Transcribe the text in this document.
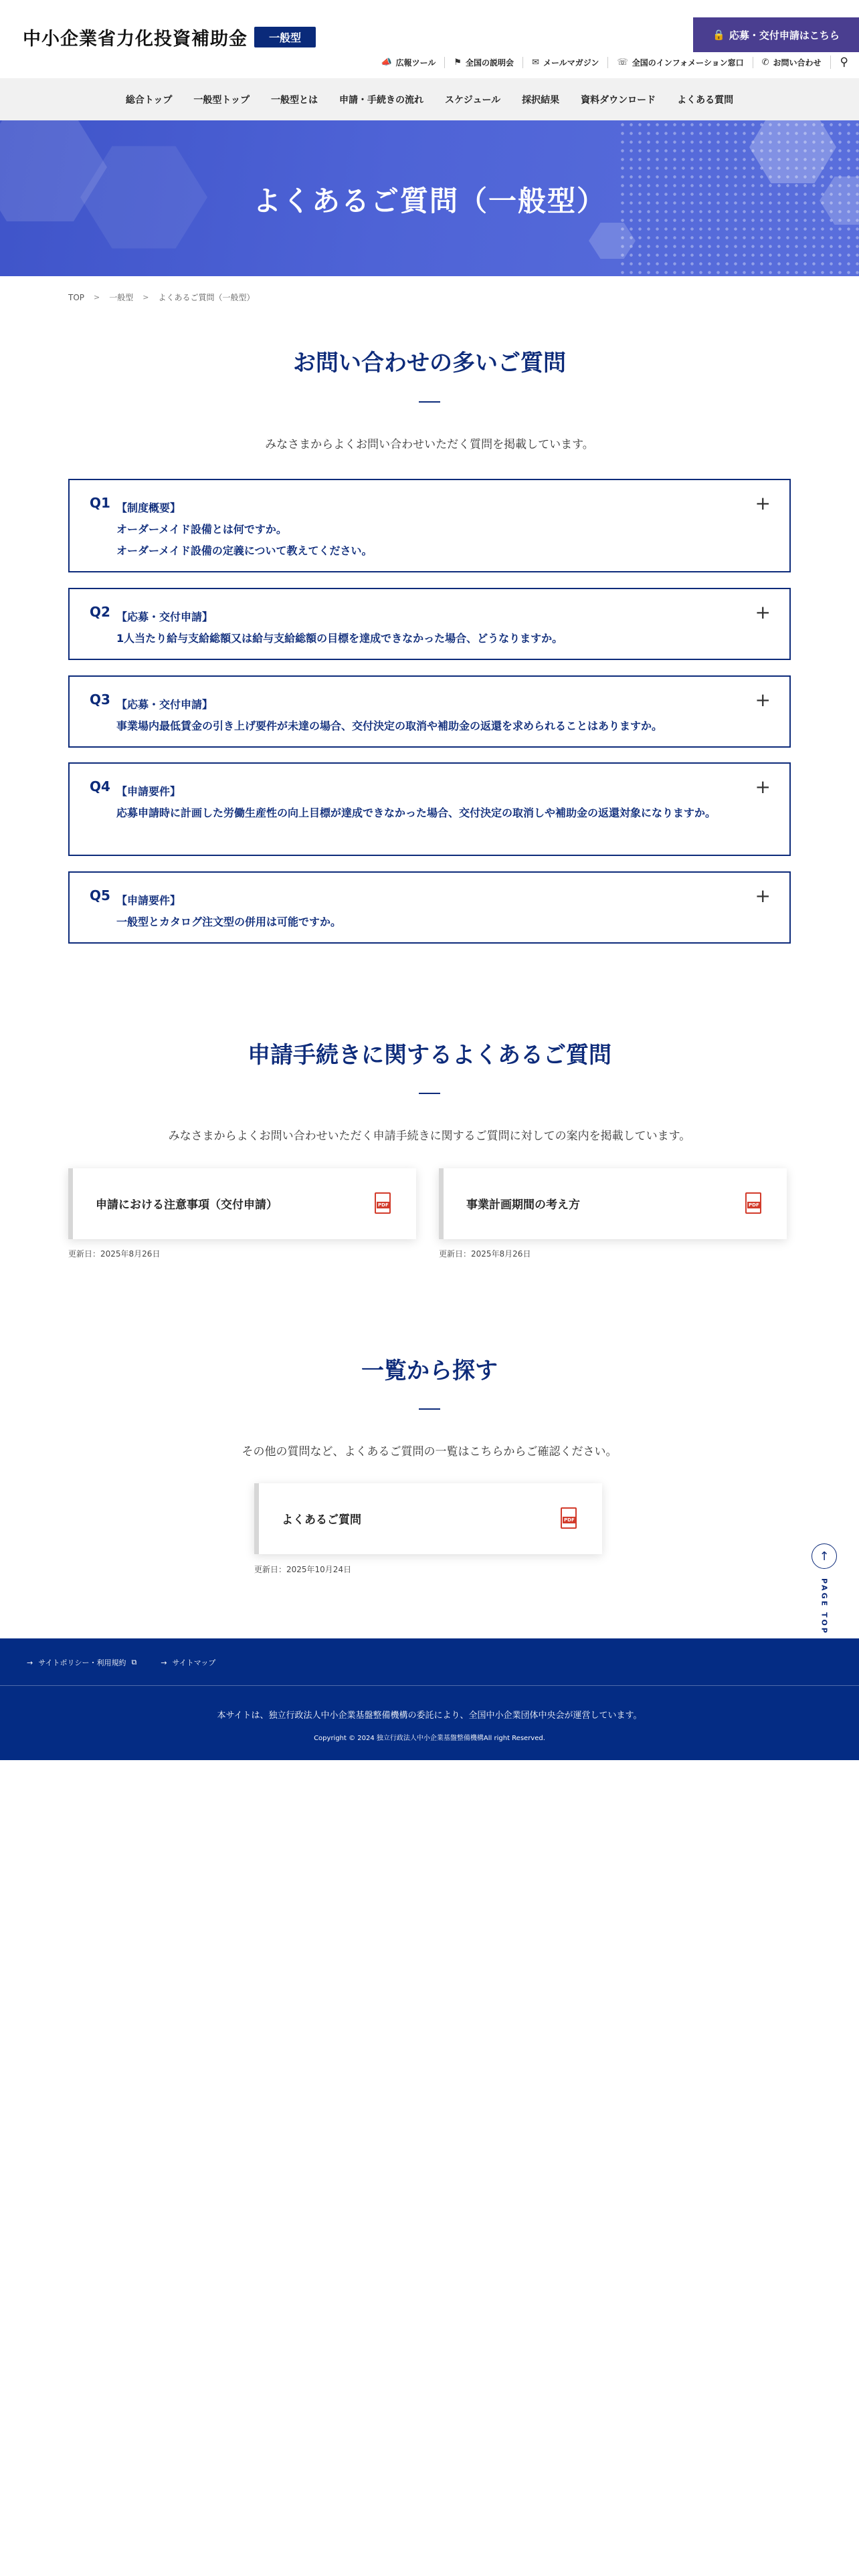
中小企業省力化投資補助金	一般型	🔒 応募・交付申請はこちら
📣 広報ツール ⚑ 全国の説明会 ✉ メールマガジン ☏ 全国のインフォメーション窓口 ✆ お問い合わせ	⚲
総合トップ	一般型トップ	一般型とは	申請・手続きの流れ	スケジュール	採択結果	資料ダウンロード	よくある質問
よくあるご質問（一般型）
TOP > 一般型 > よくあるご質問（一般型）
お問い合わせの多いご質問

みなさまからよくお問い合わせいただく質問を掲載しています。

Q1 【制度概要】
オーダーメイド設備とは何ですか。
オーダーメイド設備の定義について教えてください。
+
Q2 【応募・交付申請】
1人当たり給与支給総額又は給与支給総額の目標を達成できなかった場合、どうなりますか。
+
Q3 【応募・交付申請】
事業場内最低賃金の引き上げ要件が未達の場合、交付決定の取消や補助金の返還を求められることはありますか。
+
Q4 【申請要件】
応募申請時に計画した労働生産性の向上目標が達成できなかった場合、交付決定の取消しや補助金の返還対象になりますか。
+
Q5 【申請要件】
一般型とカタログ注文型の併用は可能ですか。
+
申請手続きに関するよくあるご質問

みなさまからよくお問い合わせいただく申請手続きに関するご質問に対しての案内を掲載しています。

申請における注意事項（交付申請）
PDF
更新日：2025年8月26日
事業計画期間の考え方
PDF
更新日：2025年8月26日
一覧から探す

その他の質問など、よくあるご質問の一覧はこちらからご確認ください。

よくあるご質問
PDF
更新日：2025年10月24日
↑
PAGE TOP
→ サイトポリシー・利用規約 ⧉	→ サイトマップ

本サイトは、独立行政法人中小企業基盤整備機構の委託により、全国中小企業団体中央会が運営しています。

Copyright © 2024 独立行政法人中小企業基盤整備機構All right Reserved.
